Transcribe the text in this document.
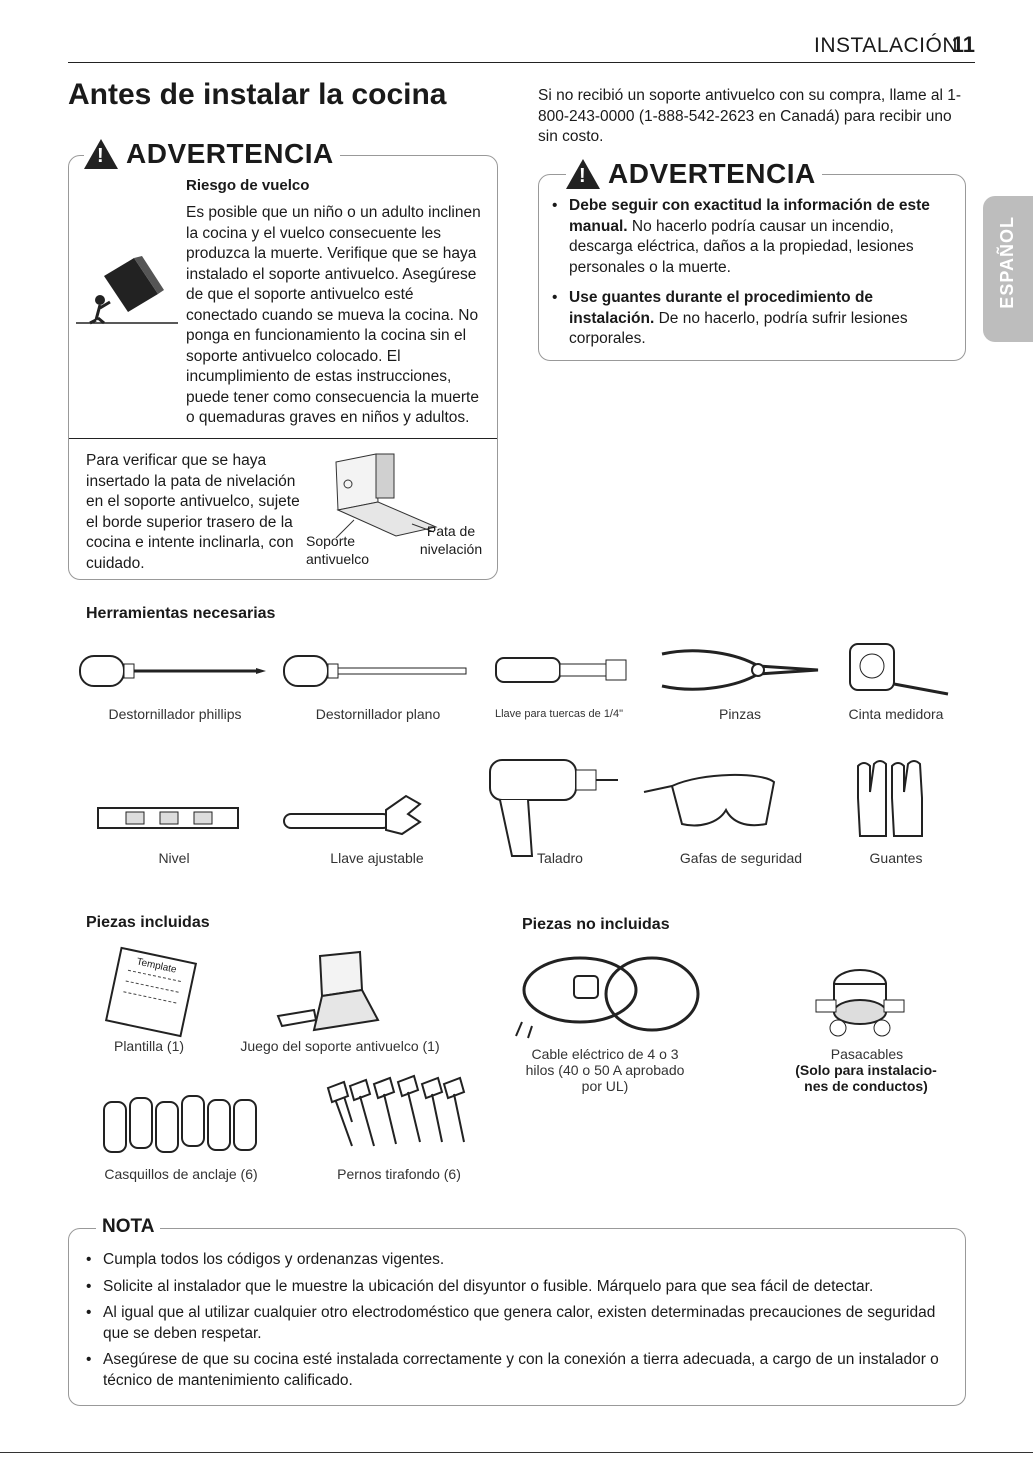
INSTALACIÓN
11
Antes de instalar la cocina
!
ADVERTENCIA
Riesgo de vuelco
Es posible que un niño o un adulto inclinen la cocina y el vuelco consecuente les produzca la muerte. Verifique que se haya instalado el soporte antivuelco. Asegúrese de que el soporte antivuelco esté conectado cuando se mueva la cocina. No ponga en funcionamiento la cocina sin el soporte antivuelco colocado. El incumplimiento de estas instrucciones, puede tener como consecuencia la muerte o quemaduras graves en niños y adultos.
Para verificar que se haya insertado la pata de nivelación en el soporte antivuelco, sujete el borde superior trasero de la cocina e intente inclinarla, con cuidado.
Soporte antivuelco
Pata de nivelación
Si no recibió un soporte antivuelco con su compra, llame al 1-800-243-0000 (1-888-542-2623 en Canadá) para recibir uno sin costo.
!
ADVERTENCIA
• Debe seguir con exactitud la información de este manual. No hacerlo podría causar un incendio, descarga eléctrica, daños a la propiedad, lesiones personales o la muerte.
• Use guantes durante el procedimiento de instalación. De no hacerlo, podría sufrir lesiones corporales.
ESPAÑOL
Herramientas necesarias
Destornillador phillips	Destornillador plano	Llave para tuercas de 1/4"	Pinzas	Cinta medidora
Nivel	Llave ajustable	Taladro	Gafas de seguridad	Guantes
Piezas incluidas
Template
Plantilla (1)	Juego del soporte antivuelco (1)
Casquillos de anclaje (6)	Pernos tirafondo (6)
Piezas no incluidas
Cable eléctrico de 4 o 3 hilos (40 o 50 A aprobado por UL)
Pasacables
(Solo para instalacio-nes de conductos)
NOTA
• Cumpla todos los códigos y ordenanzas vigentes.
• Solicite al instalador que le muestre la ubicación del disyuntor o fusible. Márquelo para que sea fácil de detectar.
• Al igual que al utilizar cualquier otro electrodoméstico que genera calor, existen determinadas precauciones de seguridad que se deben respetar.
• Asegúrese de que su cocina esté instalada correctamente y con la conexión a tierra adecuada, a cargo de un instalador o técnico de mantenimiento calificado.
